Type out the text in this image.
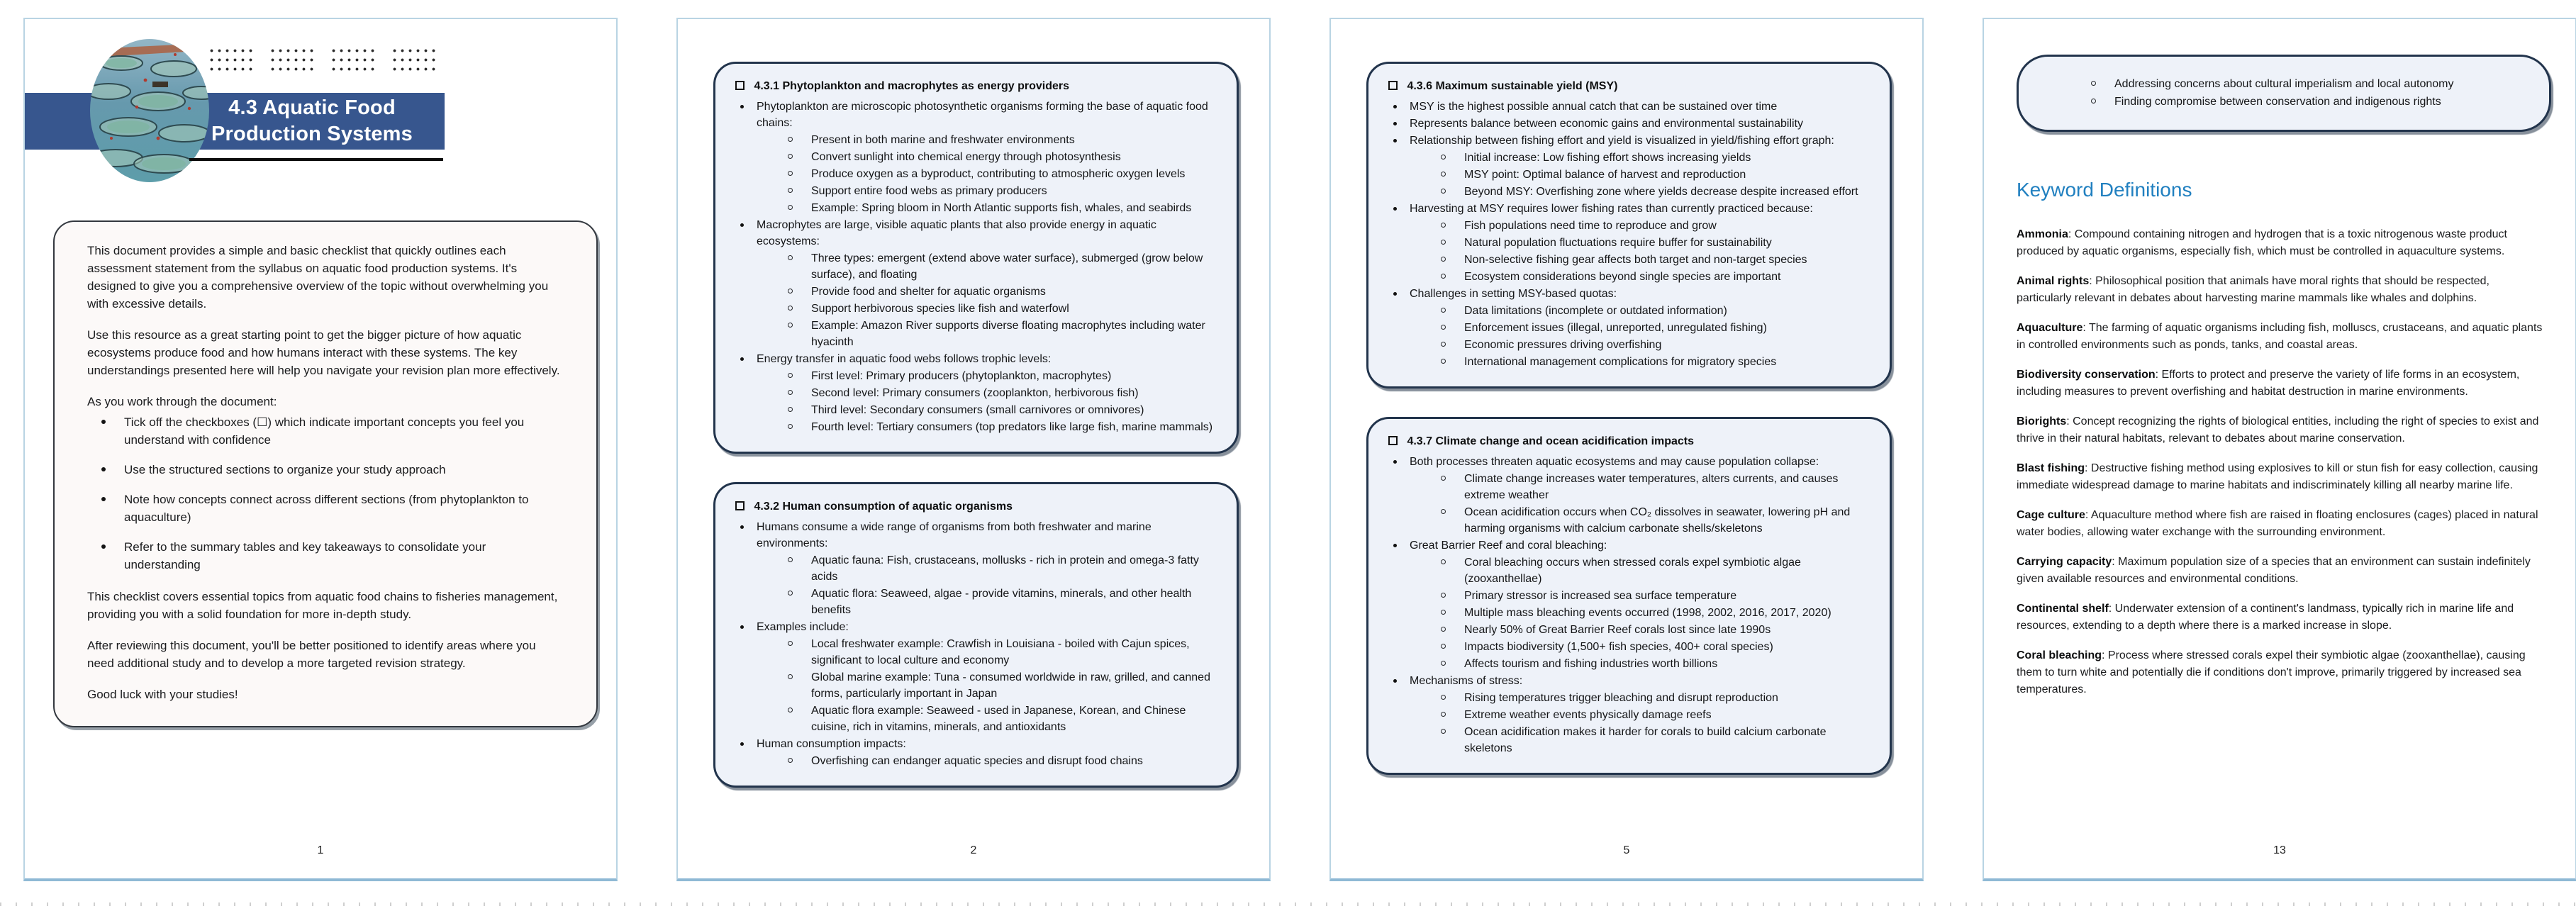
4.3 Aquatic Food Production Systems

This document provides a simple and basic checklist that quickly outlines each assessment statement from the syllabus on aquatic food production systems. It's designed to give you a comprehensive overview of the topic without overwhelming you with excessive details.

Use this resource as a great starting point to get the bigger picture of how aquatic ecosystems produce food and how humans interact with these systems. The key understandings presented here will help you navigate your revision plan more effectively.

As you work through the document:

Tick off the checkboxes (☐) which indicate important concepts you feel you understand with confidence
Use the structured sections to organize your study approach
Note how concepts connect across different sections (from phytoplankton to aquaculture)
Refer to the summary tables and key takeaways to consolidate your understanding

This checklist covers essential topics from aquatic food chains to fisheries management, providing you with a solid foundation for more in-depth study.

After reviewing this document, you'll be better positioned to identify areas where you need additional study and to develop a more targeted revision strategy.

Good luck with your studies!

1
4.3.1 Phytoplankton and macrophytes as energy providers
Phytoplankton are microscopic photosynthetic organisms forming the base of aquatic food chains:
Present in both marine and freshwater environments
Convert sunlight into chemical energy through photosynthesis
Produce oxygen as a byproduct, contributing to atmospheric oxygen levels
Support entire food webs as primary producers
Example: Spring bloom in North Atlantic supports fish, whales, and seabirds
Macrophytes are large, visible aquatic plants that also provide energy in aquatic ecosystems:
Three types: emergent (extend above water surface), submerged (grow below surface), and floating
Provide food and shelter for aquatic organisms
Support herbivorous species like fish and waterfowl
Example: Amazon River supports diverse floating macrophytes including water hyacinth
Energy transfer in aquatic food webs follows trophic levels:
First level: Primary producers (phytoplankton, macrophytes)
Second level: Primary consumers (zooplankton, herbivorous fish)
Third level: Secondary consumers (small carnivores or omnivores)
Fourth level: Tertiary consumers (top predators like large fish, marine mammals)
4.3.2 Human consumption of aquatic organisms
Humans consume a wide range of organisms from both freshwater and marine environments:
Aquatic fauna: Fish, crustaceans, mollusks - rich in protein and omega-3 fatty acids
Aquatic flora: Seaweed, algae - provide vitamins, minerals, and other health benefits
Examples include:
Local freshwater example: Crawfish in Louisiana - boiled with Cajun spices, significant to local culture and economy
Global marine example: Tuna - consumed worldwide in raw, grilled, and canned forms, particularly important in Japan
Aquatic flora example: Seaweed - used in Japanese, Korean, and Chinese cuisine, rich in vitamins, minerals, and antioxidants
Human consumption impacts:
Overfishing can endanger aquatic species and disrupt food chains
2
4.3.6 Maximum sustainable yield (MSY)
MSY is the highest possible annual catch that can be sustained over time
Represents balance between economic gains and environmental sustainability
Relationship between fishing effort and yield is visualized in yield/fishing effort graph:
Initial increase: Low fishing effort shows increasing yields
MSY point: Optimal balance of harvest and reproduction
Beyond MSY: Overfishing zone where yields decrease despite increased effort
Harvesting at MSY requires lower fishing rates than currently practiced because:
Fish populations need time to reproduce and grow
Natural population fluctuations require buffer for sustainability
Non-selective fishing gear affects both target and non-target species
Ecosystem considerations beyond single species are important
Challenges in setting MSY-based quotas:
Data limitations (incomplete or outdated information)
Enforcement issues (illegal, unreported, unregulated fishing)
Economic pressures driving overfishing
International management complications for migratory species
4.3.7 Climate change and ocean acidification impacts
Both processes threaten aquatic ecosystems and may cause population collapse:
Climate change increases water temperatures, alters currents, and causes extreme weather
Ocean acidification occurs when CO₂ dissolves in seawater, lowering pH and harming organisms with calcium carbonate shells/skeletons
Great Barrier Reef and coral bleaching:
Coral bleaching occurs when stressed corals expel symbiotic algae (zooxanthellae)
Primary stressor is increased sea surface temperature
Multiple mass bleaching events occurred (1998, 2002, 2016, 2017, 2020)
Nearly 50% of Great Barrier Reef corals lost since late 1990s
Impacts biodiversity (1,500+ fish species, 400+ coral species)
Affects tourism and fishing industries worth billions
Mechanisms of stress:
Rising temperatures trigger bleaching and disrupt reproduction
Extreme weather events physically damage reefs
Ocean acidification makes it harder for corals to build calcium carbonate skeletons
5
Addressing concerns about cultural imperialism and local autonomy
Finding compromise between conservation and indigenous rights
Keyword Definitions

Ammonia: Compound containing nitrogen and hydrogen that is a toxic nitrogenous waste product produced by aquatic organisms, especially fish, which must be controlled in aquaculture systems.

Animal rights: Philosophical position that animals have moral rights that should be respected, particularly relevant in debates about harvesting marine mammals like whales and dolphins.

Aquaculture: The farming of aquatic organisms including fish, molluscs, crustaceans, and aquatic plants in controlled environments such as ponds, tanks, and coastal areas.

Biodiversity conservation: Efforts to protect and preserve the variety of life forms in an ecosystem, including measures to prevent overfishing and habitat destruction in marine environments.

Biorights: Concept recognizing the rights of biological entities, including the right of species to exist and thrive in their natural habitats, relevant to debates about marine conservation.

Blast fishing: Destructive fishing method using explosives to kill or stun fish for easy collection, causing immediate widespread damage to marine habitats and indiscriminately killing all nearby marine life.

Cage culture: Aquaculture method where fish are raised in floating enclosures (cages) placed in natural water bodies, allowing water exchange with the surrounding environment.

Carrying capacity: Maximum population size of a species that an environment can sustain indefinitely given available resources and environmental conditions.

Continental shelf: Underwater extension of a continent's landmass, typically rich in marine life and resources, extending to a depth where there is a marked increase in slope.

Coral bleaching: Process where stressed corals expel their symbiotic algae (zooxanthellae), causing them to turn white and potentially die if conditions don't improve, primarily triggered by increased sea temperatures.

13
